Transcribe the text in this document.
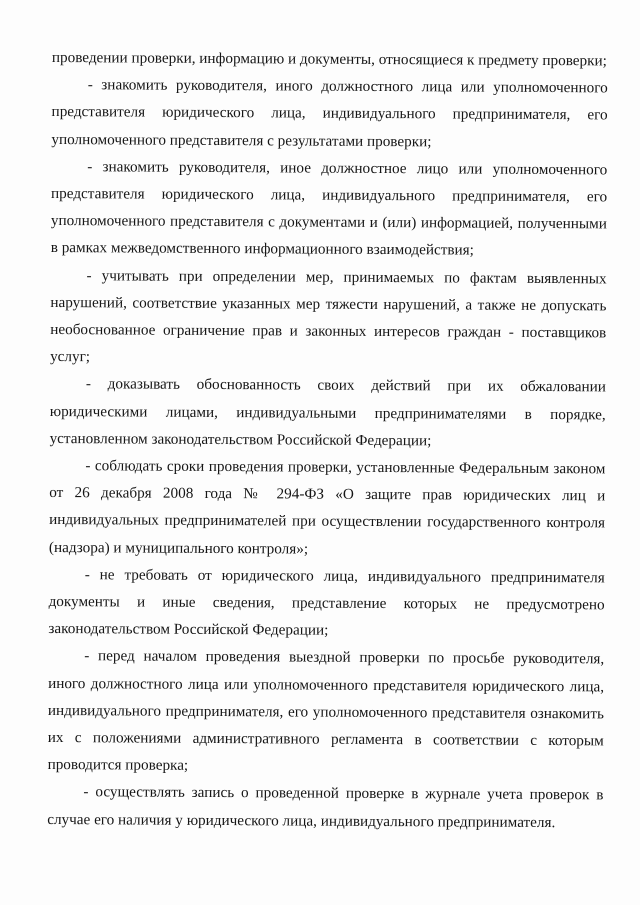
проведении проверки, информацию и документы, относящиеся к предмету проверки;

- знакомить руководителя, иного должностного лица или уполномоченного представителя юридического лица, индивидуального предпринимателя, его уполномоченного представителя с результатами проверки;

- знакомить руководителя, иное должностное лицо или уполномоченного представителя юридического лица, индивидуального предпринимателя, его уполномоченного представителя с документами и (или) информацией, полученными в рамках межведомственного информационного взаимодействия;

- учитывать при определении мер, принимаемых по фактам выявленных нарушений, соответствие указанных мер тяжести нарушений, а также не допускать необоснованное ограничение прав и законных интересов граждан - поставщиков услуг;

- доказывать обоснованность своих действий при их обжаловании юридическими лицами, индивидуальными предпринимателями в порядке, установленном законодательством Российской Федерации;

- соблюдать сроки проведения проверки, установленные Федеральным законом от 26 декабря 2008 года № 294-ФЗ «О защите прав юридических лиц и индивидуальных предпринимателей при осуществлении государственного контроля (надзора) и муниципального контроля»;

- не требовать от юридического лица, индивидуального предпринимателя документы и иные сведения, представление которых не предусмотрено законодательством Российской Федерации;

- перед началом проведения выездной проверки по просьбе руководителя, иного должностного лица или уполномоченного представителя юридического лица, индивидуального предпринимателя, его уполномоченного представителя ознакомить их с положениями административного регламента в соответствии с которым проводится проверка;

- осуществлять запись о проведенной проверке в журнале учета проверок в случае его наличия у юридического лица, индивидуального предпринимателя.
